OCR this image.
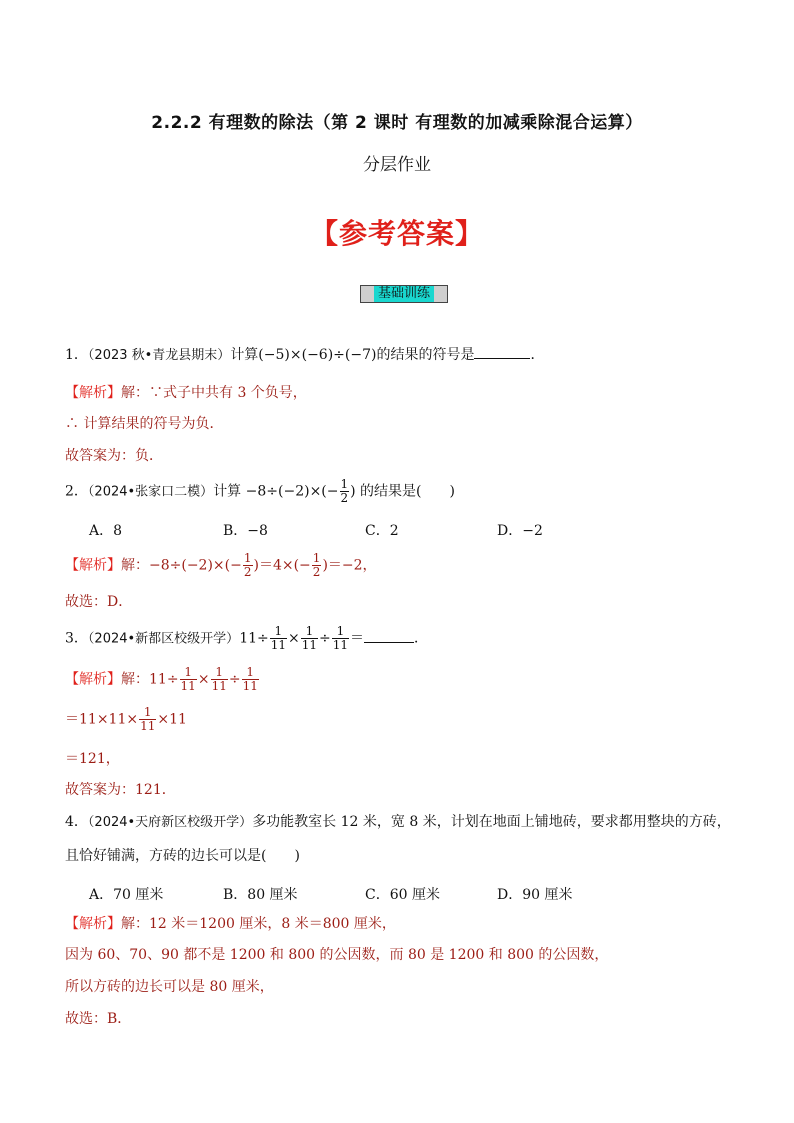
2.2.2 有理数的除法（第 2 课时 有理数的加减乘除混合运算）
分层作业
【参考答案】
基础训练
1．（2023 秋•青龙县期末）计算(−5)×(−6)÷(−7)的结果的符号是	．
【解析】解：∵式子中共有 3 个负号，
∴ 计算结果的符号为负．
故答案为：负．
2．（2024•张家口二模）计算 $-8\div(-2)\times(- \frac{1}{2}$ ) 的结果是(　　)
A．8	B．−8	C．2	D．−2
【解析】解：$-8\div(-2)\times(- \frac{1}{2} )=4\times(- \frac{1}{2} )=-2$，
故选：D．
3．（2024•新都区校级开学）$11\div \frac{1}{11} \times \frac{1}{11} \div \frac{1}{11}$ ＝	．
【解析】解：$11\div \frac{1}{11} \times \frac{1}{11} \div \frac{1}{11}$
$=11\times 11\times \frac{1}{11} \times 11$
＝121，
故答案为：121．
4．（2024•天府新区校级开学）多功能教室长 12 米，宽 8 米，计划在地面上铺地砖，要求都用整块的方砖，
且恰好铺满，方砖的边长可以是(　　)
A．70 厘米	B．80 厘米	C．60 厘米	D．90 厘米
【解析】解：12 米＝1200 厘米，8 米＝800 厘米，
因为 60、70、90 都不是 1200 和 800 的公因数，而 80 是 1200 和 800 的公因数，
所以方砖的边长可以是 80 厘米，
故选：B．
